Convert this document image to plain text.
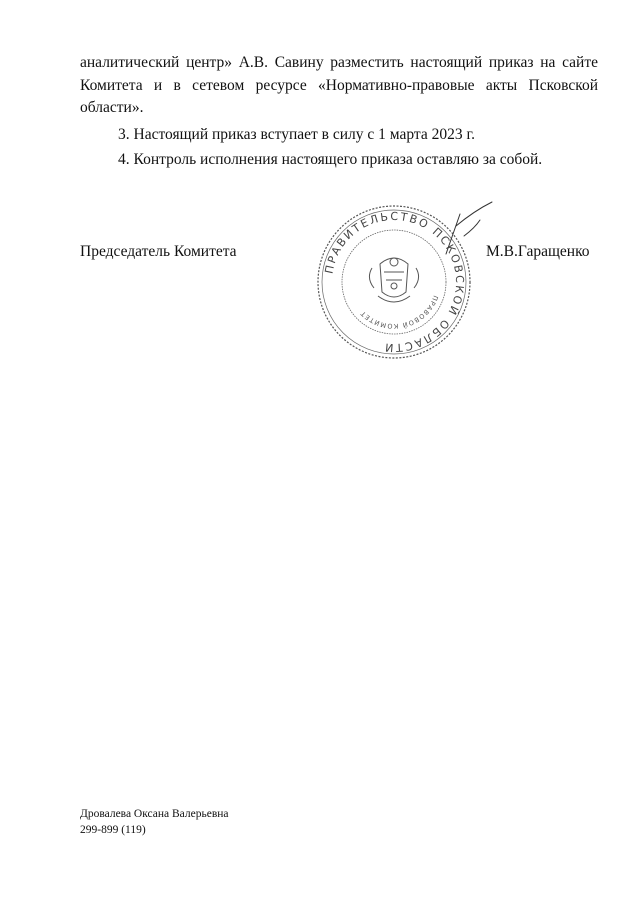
аналитический центр» А.В. Савину разместить настоящий приказ на сайте
Комитета и в сетевом ресурсе «Нормативно-правовые акты Псковской
области».

3. Настоящий приказ вступает в силу с 1 марта 2023 г.

4. Контроль исполнения настоящего приказа оставляю за собой.

Председатель Комитета
ПРАВИТЕЛЬСТВО ПСКОВСКОЙ ОБЛАСТИ
ПРАВОВОЙ КОМИТЕТ
М.В.Гаращенко
Дровалева Оксана Валерьевна
299-899 (119)
